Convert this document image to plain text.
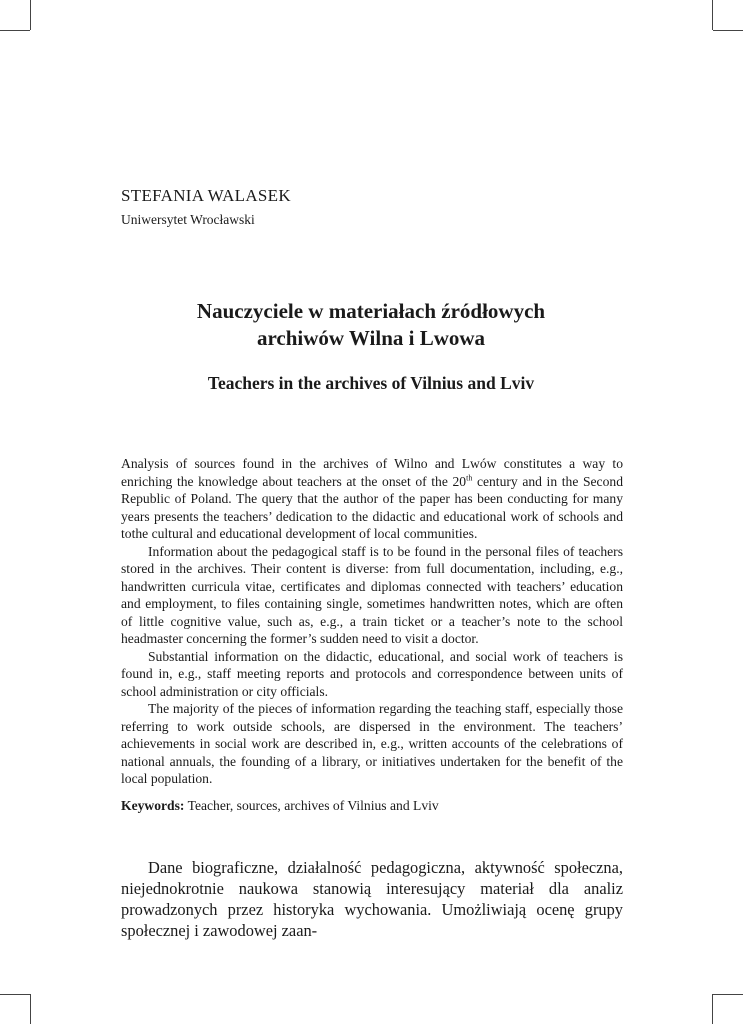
STEFANIA WALASEK

Uniwersytet Wrocławski

Nauczyciele w materiałach źródłowych
archiwów Wilna i Lwowa
Teachers in the archives of Vilnius and Lviv

Analysis of sources found in the archives of Wilno and Lwów constitutes a way to enriching the knowledge about teachers at the onset of the 20th century and in the Second Republic of Poland. The query that the author of the paper has been conducting for many years presents the teachers’ dedication to the didactic and educational work of schools and tothe cultural and educational development of local communities.

Information about the pedagogical staff is to be found in the personal files of teachers stored in the archives. Their content is diverse: from full documentation, including, e.g., handwritten curricula vitae, certificates and diplomas connected with teachers’ education and employment, to files containing single, sometimes handwritten notes, which are often of little cognitive value, such as, e.g., a train ticket or a teacher’s note to the school headmaster concerning the former’s sudden need to visit a doctor.

Substantial information on the didactic, educational, and social work of teachers is found in, e.g., staff meeting reports and protocols and correspondence between units of school administration or city officials.

The majority of the pieces of information regarding the teaching staff, especially those referring to work outside schools, are dispersed in the environment. The teachers’ achievements in social work are described in, e.g., written accounts of the celebrations of national annuals, the founding of a library, or initiatives undertaken for the benefit of the local population.

Keywords: Teacher, sources, archives of Vilnius and Lviv

Dane biograficzne, działalność pedagogiczna, aktywność społeczna, niejednokrotnie naukowa stanowią interesujący materiał dla analiz prowadzonych przez historyka wychowania. Umożliwiają ocenę grupy społecznej i zawodowej zaan-
